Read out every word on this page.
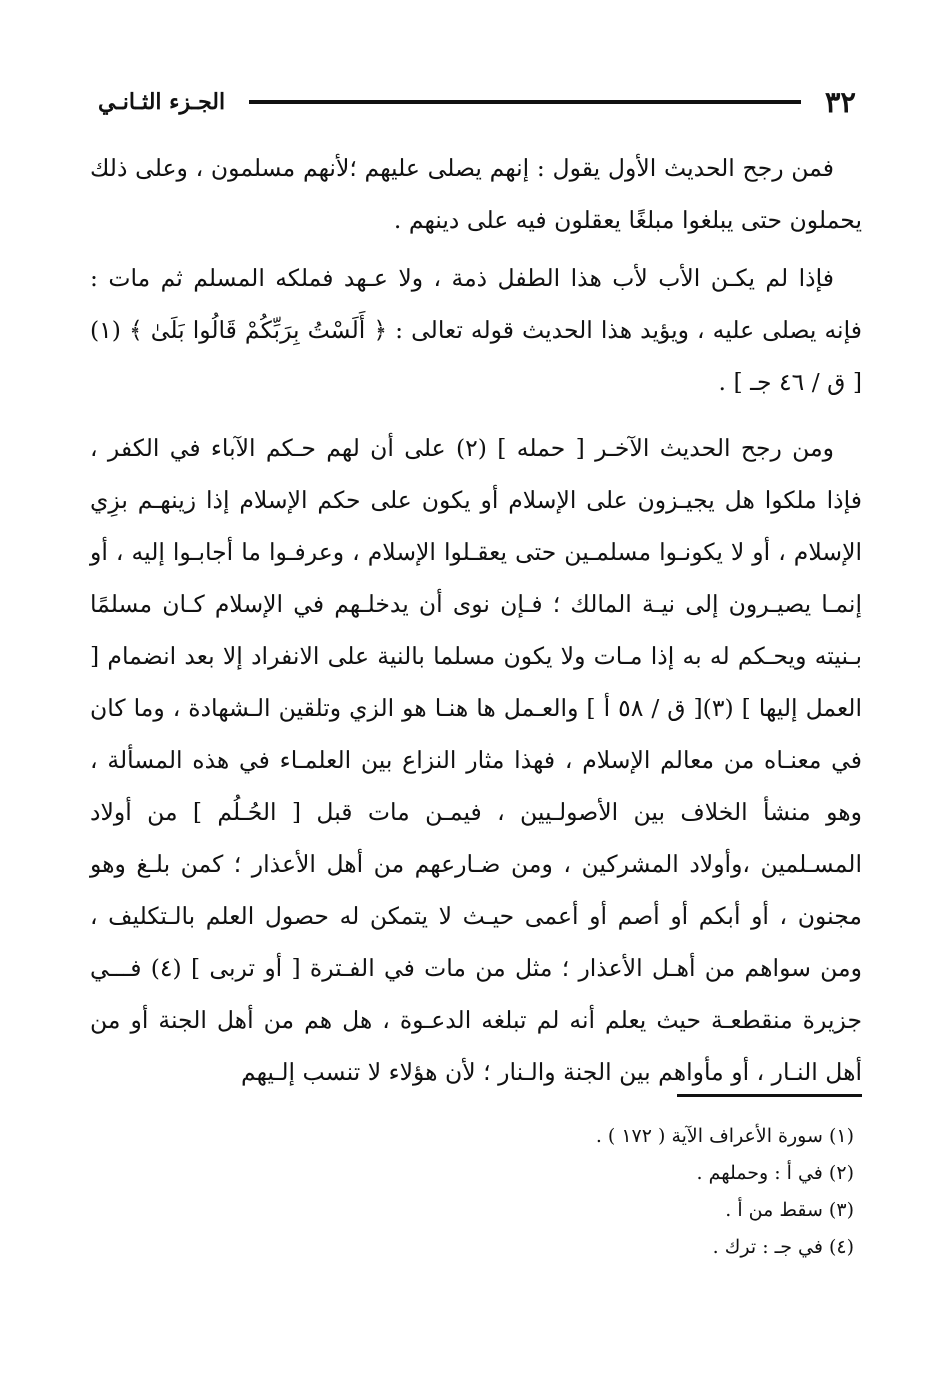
٣٢
الجـزء الثـانـي

فمن رجح الحديث الأول يقول : إنهم يصلى عليهم ؛لأنهم مسلمون ، وعلى ذلك يحملون حتى يبلغوا مبلغًا يعقلون فيه على دينهم .

فإذا لم يكـن الأب لأب هذا الطفل ذمة ، ولا عـهد فملكه المسلم ثم مات : فإنه يصلى عليه ، ويؤيد هذا الحديث قوله تعالى : ﴿ أَلَسْتُ بِرَبِّكُمْ قَالُوا بَلَىٰ ﴾ (١)[ ق / ٤٦ جـ ] .

ومن رجح الحديث الآخـر [ حمله ] (٢) على أن لهم حـكم الآباء في الكفر ، فإذا ملكوا هل يجيـزون على الإسلام أو يكون على حكم الإسلام إذا زينهـم بزِي الإسلام ، أو لا يكونـوا مسلمـين حتى يعقـلوا الإسلام ، وعرفـوا ما أجابـوا إليه ، أو إنمـا يصيـرون إلى نيـة المالك ؛ فـإن نوى أن يدخلـهم في الإسلام كـان مسلمًا بـنيته ويحـكم له به إذا مـات ولا يكون مسلما بالنية على الانفراد إلا بعد انضمام [ العمل إليها ] (٣)[ ق / ٥٨ أ ] والعـمل ها هنـا هو الزي وتلقين الـشهادة ، وما كان في معنـاه من معالم الإسلام ، فهذا مثار النزاع بين العلمـاء في هذه المسألة ، وهو منشأ الخلاف بين الأصولـيين ، فيمـن مات قبل [ الحُـلُم ] من أولاد المسـلمين ،وأولاد المشركين ، ومن ضـارعهم من أهل الأعذار ؛ كمن بلـغ وهو مجنون ، أو أبكم أو أصم أو أعمى حيـث لا يتمكن له حصول العلم بالـتكليف ، ومن سواهم من أهـل الأعذار ؛ مثل من مات في الفـترة [ أو تربى ] (٤) فـــي جزيرة منقطعـة حيث يعلم أنه لم تبلغه الدعـوة ، هل هم من أهل الجنة أو من أهل النـار ، أو مأواهم بين الجنة والـنار ؛ لأن هؤلاء لا تنسب إلـيهم

(١) سورة الأعراف الآية ( ١٧٢ ) .

(٢) في أ : وحملهم .

(٣) سقط من أ .

(٤) في جـ : ترك .
